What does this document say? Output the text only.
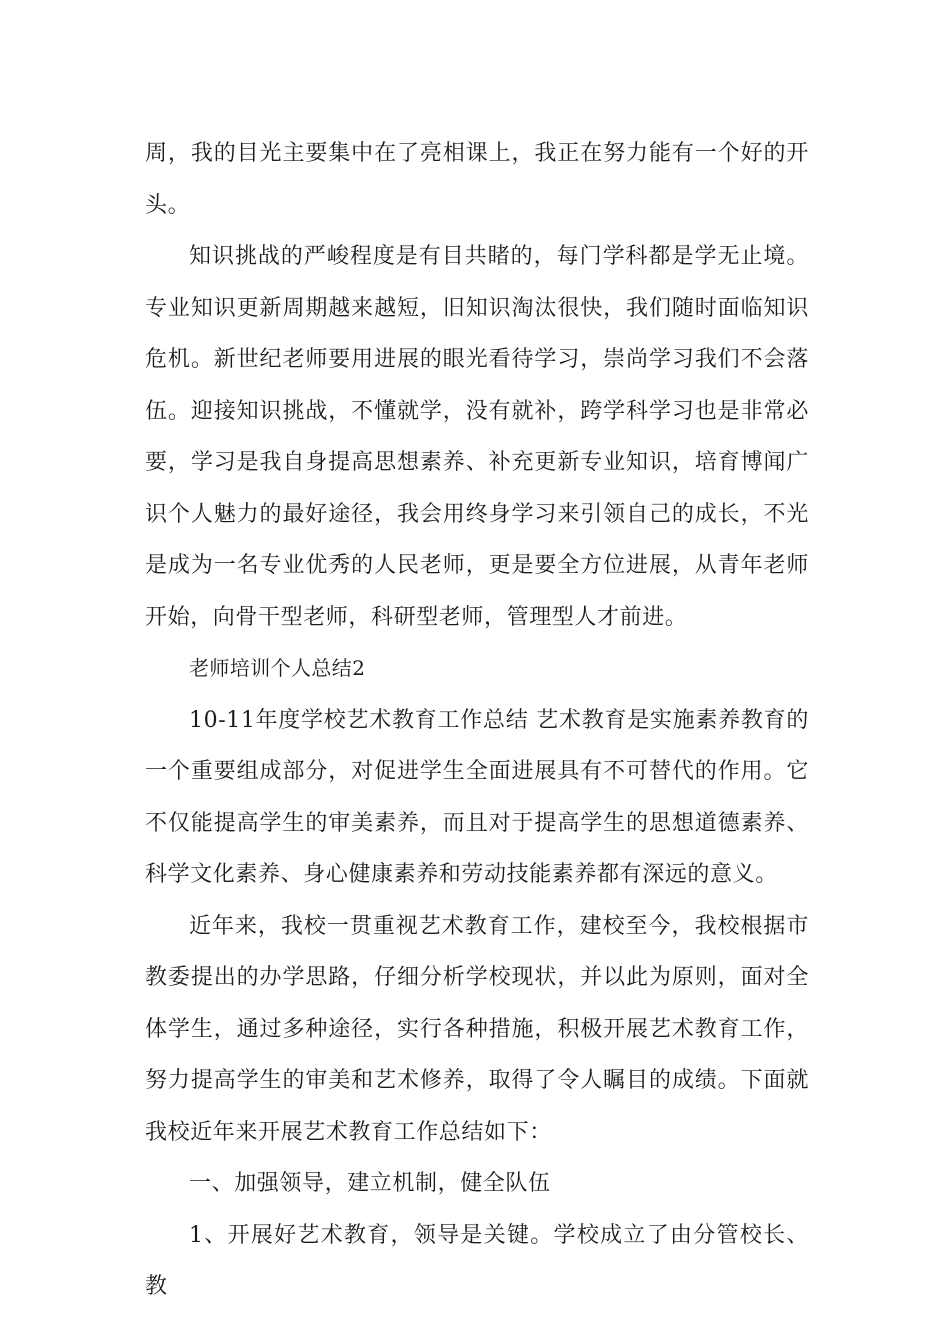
周，我的目光主要集中在了亮相课上，我正在努力能有一个好的开头。

知识挑战的严峻程度是有目共睹的，每门学科都是学无止境。专业知识更新周期越来越短，旧知识淘汰很快，我们随时面临知识危机。新世纪老师要用进展的眼光看待学习，崇尚学习我们不会落伍。迎接知识挑战，不懂就学，没有就补，跨学科学习也是非常必要，学习是我自身提高思想素养、补充更新专业知识，培育博闻广识个人魅力的最好途径，我会用终身学习来引领自己的成长，不光是成为一名专业优秀的人民老师，更是要全方位进展，从青年老师开始，向骨干型老师，科研型老师，管理型人才前进。

老师培训个人总结2

10-11年度学校艺术教育工作总结 艺术教育是实施素养教育的一个重要组成部分，对促进学生全面进展具有不可替代的作用。它不仅能提高学生的审美素养，而且对于提高学生的思想道德素养、科学文化素养、身心健康素养和劳动技能素养都有深远的意义。

近年来，我校一贯重视艺术教育工作，建校至今，我校根据市教委提出的办学思路，仔细分析学校现状，并以此为原则，面对全体学生，通过多种途径，实行各种措施，积极开展艺术教育工作，努力提高学生的审美和艺术修养，取得了令人瞩目的成绩。下面就我校近年来开展艺术教育工作总结如下：

一、加强领导，建立机制，健全队伍

1、开展好艺术教育，领导是关键。学校成立了由分管校长、教
